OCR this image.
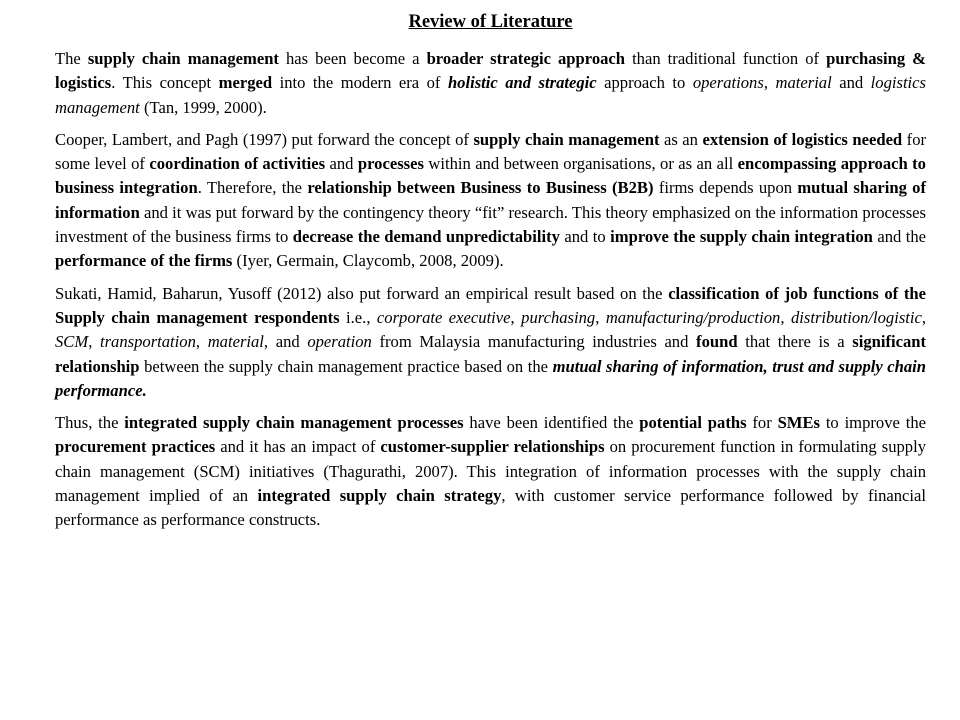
Review of Literature

The supply chain management has been become a broader strategic approach than traditional function of purchasing & logistics. This concept merged into the modern era of holistic and strategic approach to operations, material and logistics management (Tan, 1999, 2000).

Cooper, Lambert, and Pagh (1997) put forward the concept of supply chain management as an extension of logistics needed for some level of coordination of activities and processes within and between organisations, or as an all encompassing approach to business integration. Therefore, the relationship between Business to Business (B2B) firms depends upon mutual sharing of information and it was put forward by the contingency theory “fit” research. This theory emphasized on the information processes investment of the business firms to decrease the demand unpredictability and to improve the supply chain integration and the performance of the firms (Iyer, Germain, Claycomb, 2008, 2009).

Sukati, Hamid, Baharun, Yusoff (2012) also put forward an empirical result based on the classification of job functions of the Supply chain management respondents i.e., corporate executive, purchasing, manufacturing/production, distribution/logistic, SCM, transportation, material, and operation from Malaysia manufacturing industries and found that there is a significant relationship between the supply chain management practice based on the mutual sharing of information, trust and supply chain performance.

Thus, the integrated supply chain management processes have been identified the potential paths for SMEs to improve the procurement practices and it has an impact of customer-supplier relationships on procurement function in formulating supply chain management (SCM) initiatives (Thagurathi, 2007). This integration of information processes with the supply chain management implied of an integrated supply chain strategy, with customer service performance followed by financial performance as performance constructs.
